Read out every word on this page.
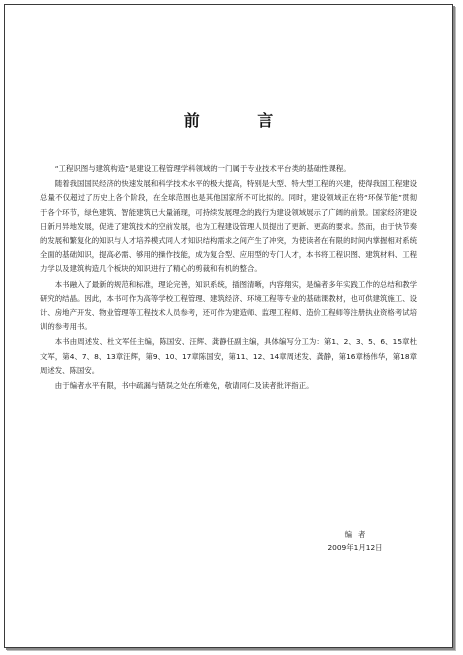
前 言

“工程识图与建筑构造”是建设工程管理学科领域的一门属于专业技术平台类的基础性课程。

随着我国国民经济的快速发展和科学技术水平的极大提高，特别是大型、特大型工程的兴建，使得我国工程建设总量不仅超过了历史上各个阶段，在全球范围也是其他国家所不可比拟的。同时，建设领域正在将“环保节能”贯彻于各个环节，绿色建筑、智能建筑已大量涌现，可持续发展理念的践行为建设领域展示了广阔的前景。国家经济建设日新月异地发展，促进了建筑技术的空前发展，也为工程建设管理人员提出了更新、更高的要求。然而，由于快节奏的发展和繁复化的知识与人才培养模式同人才知识结构需求之间产生了冲突，为使读者在有限的时间内掌握相对系统全面的基础知识，提高必需、够用的操作技能，成为复合型、应用型的专门人才，本书将工程识图、建筑材料、工程力学以及建筑构造几个板块的知识进行了精心的剪裁和有机的整合。

本书融入了最新的规范和标准，理论完善，知识系统，插图清晰，内容翔实，是编者多年实践工作的总结和教学研究的结晶。因此，本书可作为高等学校工程管理、建筑经济、环境工程等专业的基础课教材，也可供建筑施工、设计、房地产开发、物业管理等工程技术人员参考，还可作为建造师、监理工程师、造价工程师等注册执业资格考试培训的参考用书。

本书由周述发、杜文军任主编，陈国安、汪辉、龚静任副主编，具体编写分工为：第1、2、3、5、6、15章杜文军，第4、7、8、13章汪辉，第9、10、17章陈国安，第11、12、14章周述发、龚静，第16章杨伟华，第18章周述发、陈国安。

由于编者水平有限，书中疏漏与错误之处在所难免，敬请同仁及读者批评指正。

编者
2009年1月12日
